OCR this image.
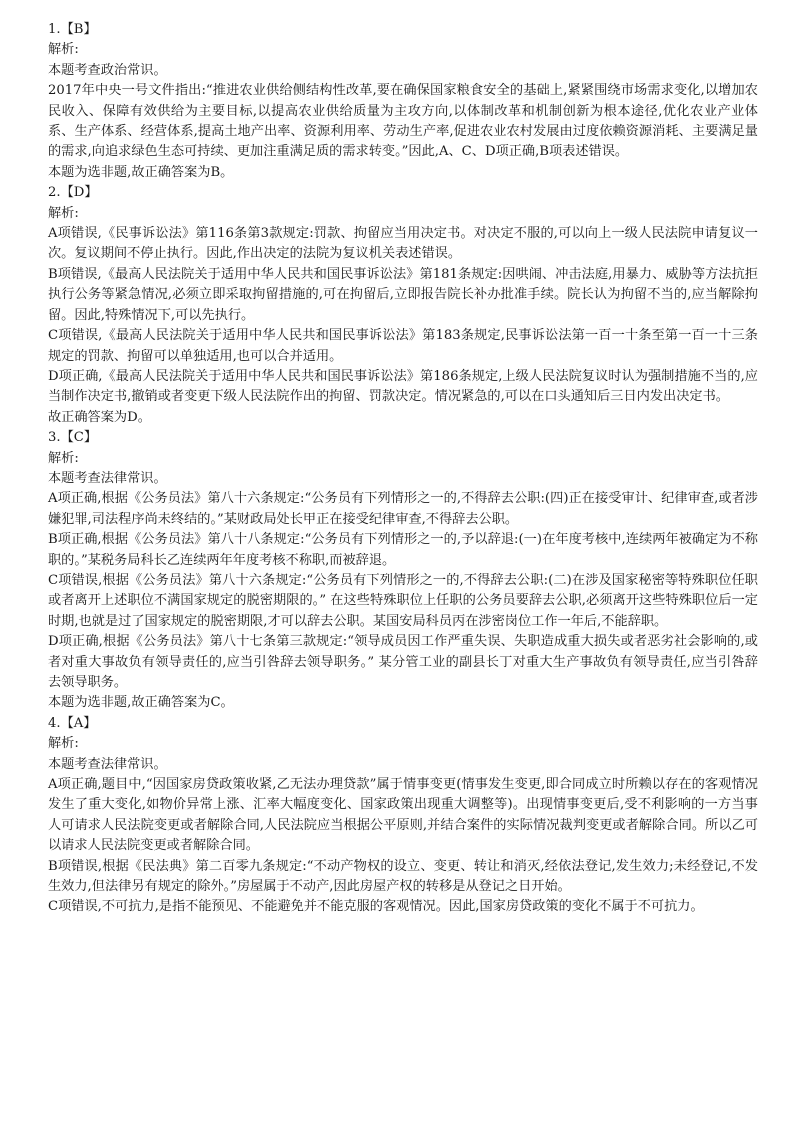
1.【B】

解析:

本题考查政治常识。

2017年中央一号文件指出:“推进农业供给侧结构性改革,要在确保国家粮食安全的基础上,紧紧围绕市场需求变化,以增加农民收入、保障有效供给为主要目标,以提高农业供给质量为主攻方向,以体制改革和机制创新为根本途径,优化农业产业体系、生产体系、经营体系,提高土地产出率、资源利用率、劳动生产率,促进农业农村发展由过度依赖资源消耗、主要满足量的需求,向追求绿色生态可持续、更加注重满足质的需求转变。”因此,A、C、D项正确,B项表述错误。

本题为选非题,故正确答案为B。

2.【D】

解析:

A项错误,《民事诉讼法》第116条第3款规定:罚款、拘留应当用决定书。对决定不服的,可以向上一级人民法院申请复议一次。复议期间不停止执行。因此,作出决定的法院为复议机关表述错误。

B项错误,《最高人民法院关于适用中华人民共和国民事诉讼法》第181条规定:因哄闹、冲击法庭,用暴力、威胁等方法抗拒执行公务等紧急情况,必须立即采取拘留措施的,可在拘留后,立即报告院长补办批准手续。院长认为拘留不当的,应当解除拘留。因此,特殊情况下,可以先执行。

C项错误,《最高人民法院关于适用中华人民共和国民事诉讼法》第183条规定,民事诉讼法第一百一十条至第一百一十三条规定的罚款、拘留可以单独适用,也可以合并适用。

D项正确,《最高人民法院关于适用中华人民共和国民事诉讼法》第186条规定,上级人民法院复议时认为强制措施不当的,应当制作决定书,撤销或者变更下级人民法院作出的拘留、罚款决定。情况紧急的,可以在口头通知后三日内发出决定书。

故正确答案为D。

3.【C】

解析:

本题考查法律常识。

A项正确,根据《公务员法》第八十六条规定:“公务员有下列情形之一的,不得辞去公职:(四)正在接受审计、纪律审查,或者涉嫌犯罪,司法程序尚未终结的。”某财政局处长甲正在接受纪律审查,不得辞去公职。

B项正确,根据《公务员法》第八十八条规定:“公务员有下列情形之一的,予以辞退:(一)在年度考核中,连续两年被确定为不称职的。”某税务局科长乙连续两年年度考核不称职,而被辞退。

C项错误,根据《公务员法》第八十六条规定:“公务员有下列情形之一的,不得辞去公职:(二)在涉及国家秘密等特殊职位任职或者离开上述职位不满国家规定的脱密期限的。” 在这些特殊职位上任职的公务员要辞去公职,必须离开这些特殊职位后一定时期,也就是过了国家规定的脱密期限,才可以辞去公职。某国安局科员丙在涉密岗位工作一年后,不能辞职。

D项正确,根据《公务员法》第八十七条第三款规定:“领导成员因工作严重失误、失职造成重大损失或者恶劣社会影响的,或者对重大事故负有领导责任的,应当引咎辞去领导职务。” 某分管工业的副县长丁对重大生产事故负有领导责任,应当引咎辞去领导职务。

本题为选非题,故正确答案为C。

4.【A】

解析:

本题考查法律常识。

A项正确,题目中,“因国家房贷政策收紧,乙无法办理贷款”属于情事变更(情事发生变更,即合同成立时所赖以存在的客观情况发生了重大变化,如物价异常上涨、汇率大幅度变化、国家政策出现重大调整等)。出现情事变更后,受不利影响的一方当事人可请求人民法院变更或者解除合同,人民法院应当根据公平原则,并结合案件的实际情况裁判变更或者解除合同。所以乙可以请求人民法院变更或者解除合同。

B项错误,根据《民法典》第二百零九条规定:“不动产物权的设立、变更、转让和消灭,经依法登记,发生效力;未经登记,不发生效力,但法律另有规定的除外。”房屋属于不动产,因此房屋产权的转移是从登记之日开始。

C项错误,不可抗力,是指不能预见、不能避免并不能克服的客观情况。因此,国家房贷政策的变化不属于不可抗力。
